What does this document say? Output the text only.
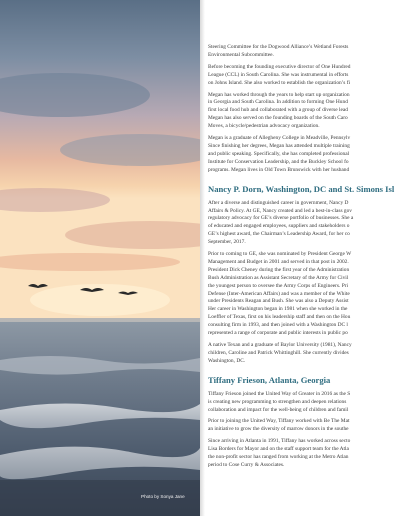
Photo by Sonya Jane

Steering Committee for the Dogwood Alliance’s Wetland Forests
Environmental Subcommittee.

Before becoming the founding executive director of One Hundred
League (CCL) in South Carolina. She was instrumental in efforts
on Johns Island. She also worked to establish the organization’s fi

Megan has worked through the years to help start up organization
in Georgia and South Carolina. In addition to forming One Hund
first local food hub and collaborated with a group of diverse lead
Megan has also served on the founding boards of the South Caro
Moves, a bicycle/pedestrian advocacy organization.

Megan is a graduate of Allegheny College in Meadville, Pennsylv
Since finishing her degrees, Megan has attended multiple training
and public speaking. Specifically, she has completed professional
Institute for Conservation Leadership, and the Buckley School fo
programs. Megan lives in Old Town Brunswick with her husband

Nancy P. Dorn, Washington, DC and St. Simons Isl

After a diverse and distinguished career in government, Nancy D
Affairs & Policy. At GE, Nancy created and led a best-in-class gov
regulatory advocacy for GE’s diverse portfolio of businesses. She a
of educated and engaged employees, suppliers and stakeholders o
GE’s highest award, the Chairman’s Leadership Award, for her co
September, 2017.

Prior to coming to GE, she was nominated by President George W
Management and Budget in 2001 and served in that post in 2002.
President Dick Cheney during the first year of the Administration
Bush Administration as Assistant Secretary of the Army for Civil
the youngest person to oversee the Army Corps of Engineers. Pri
Defense (Inter-American Affairs) and was a member of the White
under Presidents Reagan and Bush. She was also a Deputy Assist
Her career in Washington began in 1981 when she worked in the
Loeffler of Texas, first on his leadership staff and then on the Hou
consulting firm in 1993, and then joined with a Washington DC l
represented a range of corporate and public interests in public po

A native Texan and a graduate of Baylor University (1981), Nancy
children, Caroline and Patrick Whittinghill. She currently divides
Washington, DC.

Tiffany Frieson, Atlanta, Georgia

Tiffany Frieson joined the United Way of Greater in 2016 as the S
is creating new programming to strengthen and deepen relations
collaboration and impact for the well-being of children and famil

Prior to joining the United Way, Tiffany worked with Be The Mat
an initiative to grow the diversity of marrow donors in the southe

Since arriving in Atlanta in 1991, Tiffany has worked across secto
Lisa Borders for Mayor and on the staff support team for the Atla
the non-profit sector has ranged from working at the Metro Atlan
period to Cose Curry & Associates.
